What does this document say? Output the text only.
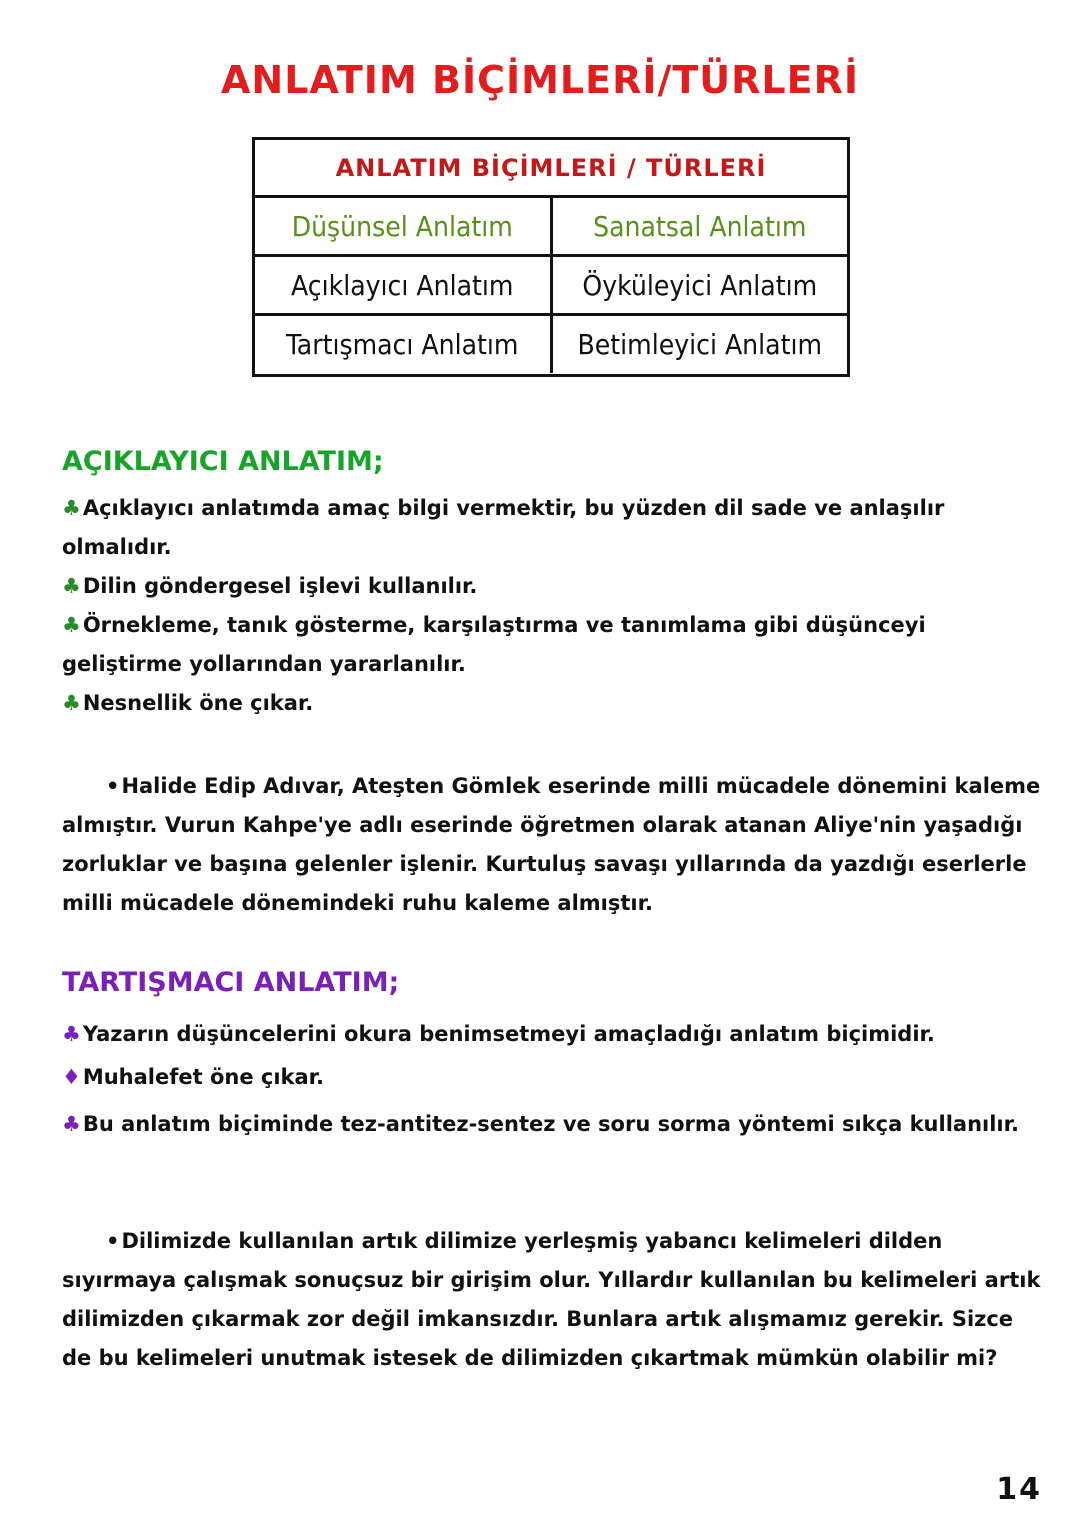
ANLATIM BİÇİMLERİ/TÜRLERİ
ANLATIM BİÇİMLERİ / TÜRLERİ
Düşünsel Anlatım	Sanatsal Anlatım
Açıklayıcı Anlatım	Öyküleyici Anlatım
Tartışmacı Anlatım	Betimleyici Anlatım
AÇIKLAYICI ANLATIM;
♣Açıklayıcı anlatımda amaç bilgi vermektir, bu yüzden dil sade ve anlaşılır olmalıdır.
♣Dilin göndergesel işlevi kullanılır.
♣Örnekleme, tanık gösterme, karşılaştırma ve tanımlama gibi düşünceyi geliştirme yollarından yararlanılır.
♣Nesnellik öne çıkar.
•Halide Edip Adıvar, Ateşten Gömlek eserinde milli mücadele dönemini kaleme almıştır. Vurun Kahpe'ye adlı eserinde öğretmen olarak atanan Aliye'nin yaşadığı zorluklar ve başına gelenler işlenir. Kurtuluş savaşı yıllarında da yazdığı eserlerle milli mücadele dönemindeki ruhu kaleme almıştır.
TARTIŞMACI ANLATIM;
♣Yazarın düşüncelerini okura benimsetmeyi amaçladığı anlatım biçimidir.
♦Muhalefet öne çıkar.
♣Bu anlatım biçiminde tez-antitez-sentez ve soru sorma yöntemi sıkça kullanılır.
•Dilimizde kullanılan artık dilimize yerleşmiş yabancı kelimeleri dilden sıyırmaya çalışmak sonuçsuz bir girişim olur. Yıllardır kullanılan bu kelimeleri artık dilimizden çıkarmak zor değil imkansızdır. Bunlara artık alışmamız gerekir. Sizce de bu kelimeleri unutmak istesek de dilimizden çıkartmak mümkün olabilir mi?
14
